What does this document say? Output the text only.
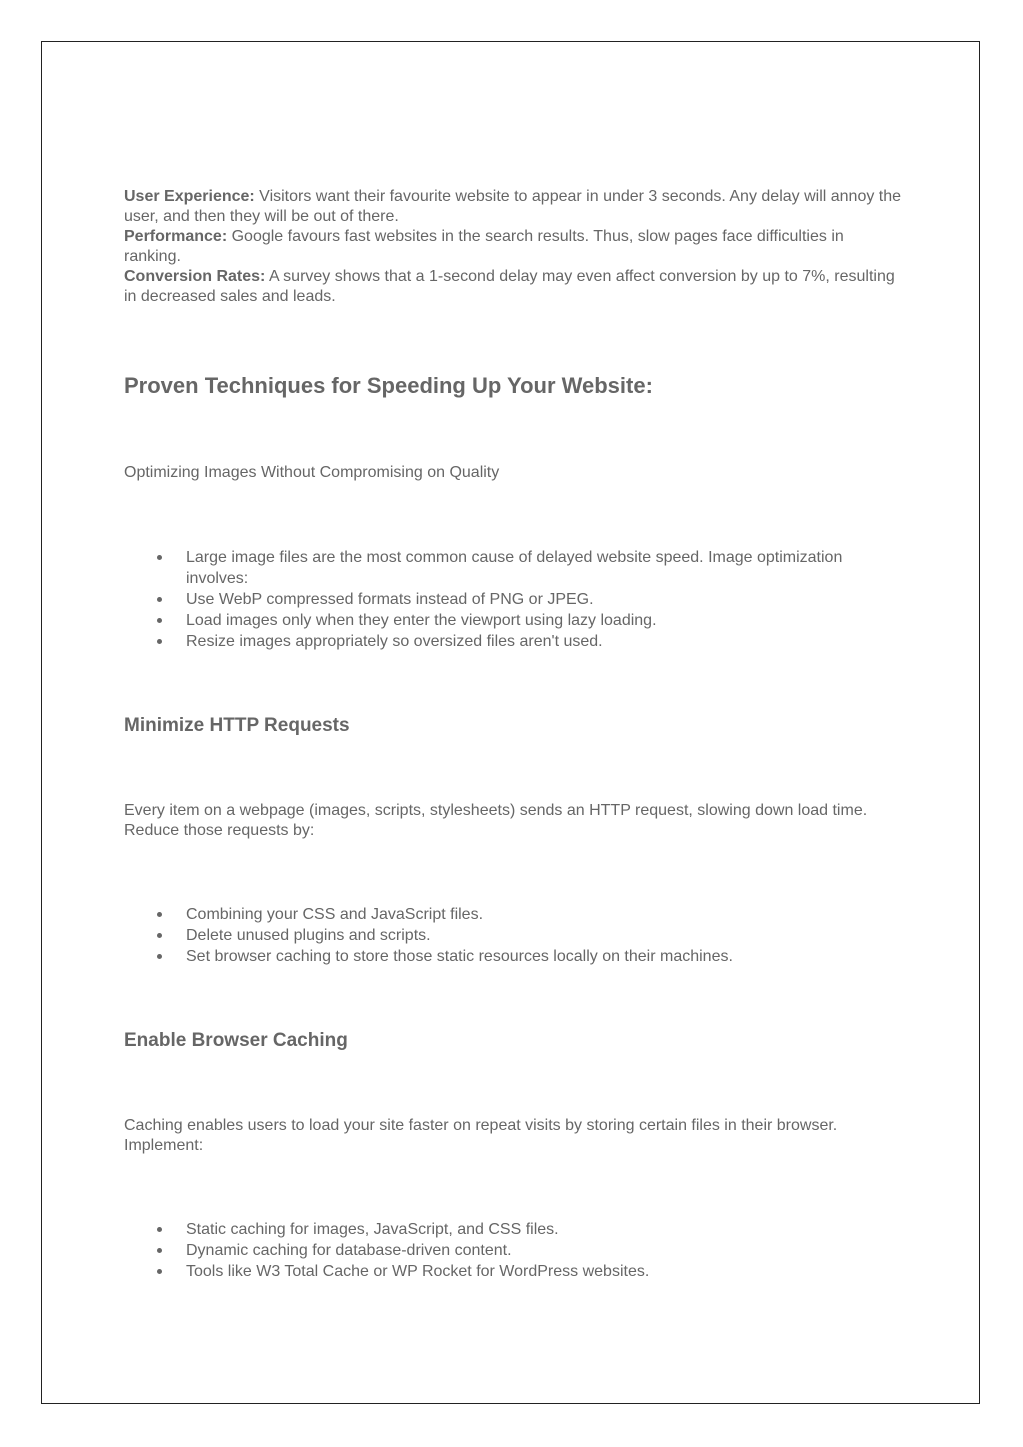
User Experience: Visitors want their favourite website to appear in under 3 seconds. Any delay will annoy the user, and then they will be out of there.

Performance: Google favours fast websites in the search results. Thus, slow pages face difficulties in ranking.

Conversion Rates: A survey shows that a 1-second delay may even affect conversion by up to 7%, resulting in decreased sales and leads.

Proven Techniques for Speeding Up Your Website:

Optimizing Images Without Compromising on Quality

Large image files are the most common cause of delayed website speed. Image optimization involves:
Use WebP compressed formats instead of PNG or JPEG.
Load images only when they enter the viewport using lazy loading.
Resize images appropriately so oversized files aren't used.
Minimize HTTP Requests

Every item on a webpage (images, scripts, stylesheets) sends an HTTP request, slowing down load time. Reduce those requests by:

Combining your CSS and JavaScript files.
Delete unused plugins and scripts.
Set browser caching to store those static resources locally on their machines.
Enable Browser Caching

Caching enables users to load your site faster on repeat visits by storing certain files in their browser. Implement:

Static caching for images, JavaScript, and CSS files.
Dynamic caching for database-driven content.
Tools like W3 Total Cache or WP Rocket for WordPress websites.
